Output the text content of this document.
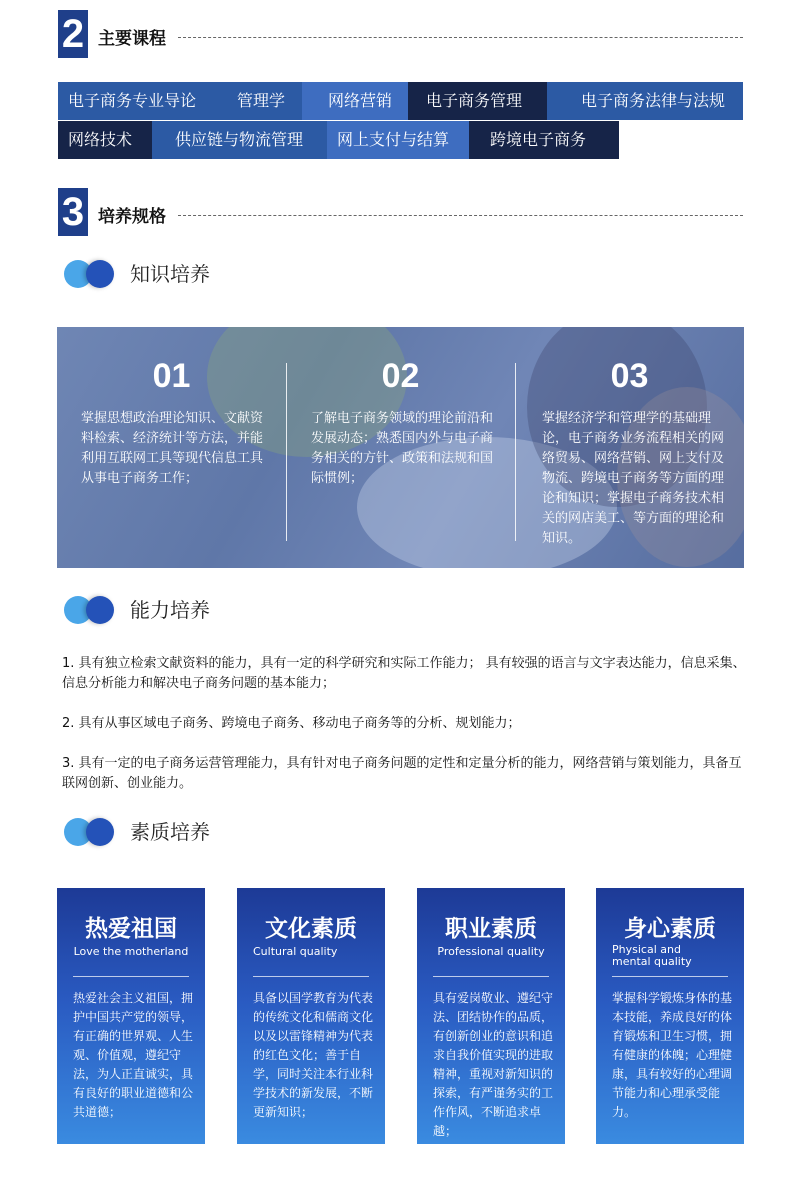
2 主要课程
电子商务专业导论	管理学	网络营销	电子商务管理	电子商务法律与法规
网络技术	供应链与物流管理	网上支付与结算	跨境电子商务
3 培养规格
知识培养
01
掌握思想政治理论知识、文献资料检索、经济统计等方法，并能利用互联网工具等现代信息工具从事电子商务工作；
02
了解电子商务领域的理论前沿和发展动态；熟悉国内外与电子商务相关的方针、政策和法规和国际惯例；
03
掌握经济学和管理学的基础理论，电子商务业务流程相关的网络贸易、网络营销、网上支付及物流、跨境电子商务等方面的理论和知识；掌握电子商务技术相关的网店美工、等方面的理论和知识。
能力培养
1. 具有独立检索文献资料的能力，具有一定的科学研究和实际工作能力； 具有较强的语言与文字表达能力，信息采集、信息分析能力和解决电子商务问题的基本能力；
2. 具有从事区域电子商务、跨境电子商务、移动电子商务等的分析、规划能力；
3. 具有一定的电子商务运营管理能力，具有针对电子商务问题的定性和定量分析的能力，网络营销与策划能力，具备互联网创新、创业能力。
素质培养
热爱祖国
Love the motherland
热爱社会主义祖国，拥护中国共产党的领导，有正确的世界观、人生观、价值观，遵纪守法，为人正直诚实，具有良好的职业道德和公共道德；
文化素质
Cultural quality
具备以国学教育为代表的传统文化和儒商文化以及以雷锋精神为代表的红色文化；善于自学，同时关注本行业科学技术的新发展，不断更新知识；
职业素质
Professional quality
具有爱岗敬业、遵纪守法、团结协作的品质，有创新创业的意识和追求自我价值实现的进取精神，重视对新知识的探索，有严谨务实的工作作风，不断追求卓越；
身心素质
Physical and mental quality
掌握科学锻炼身体的基本技能，养成良好的体育锻炼和卫生习惯，拥有健康的体魄；心理健康，具有较好的心理调节能力和心理承受能力。
